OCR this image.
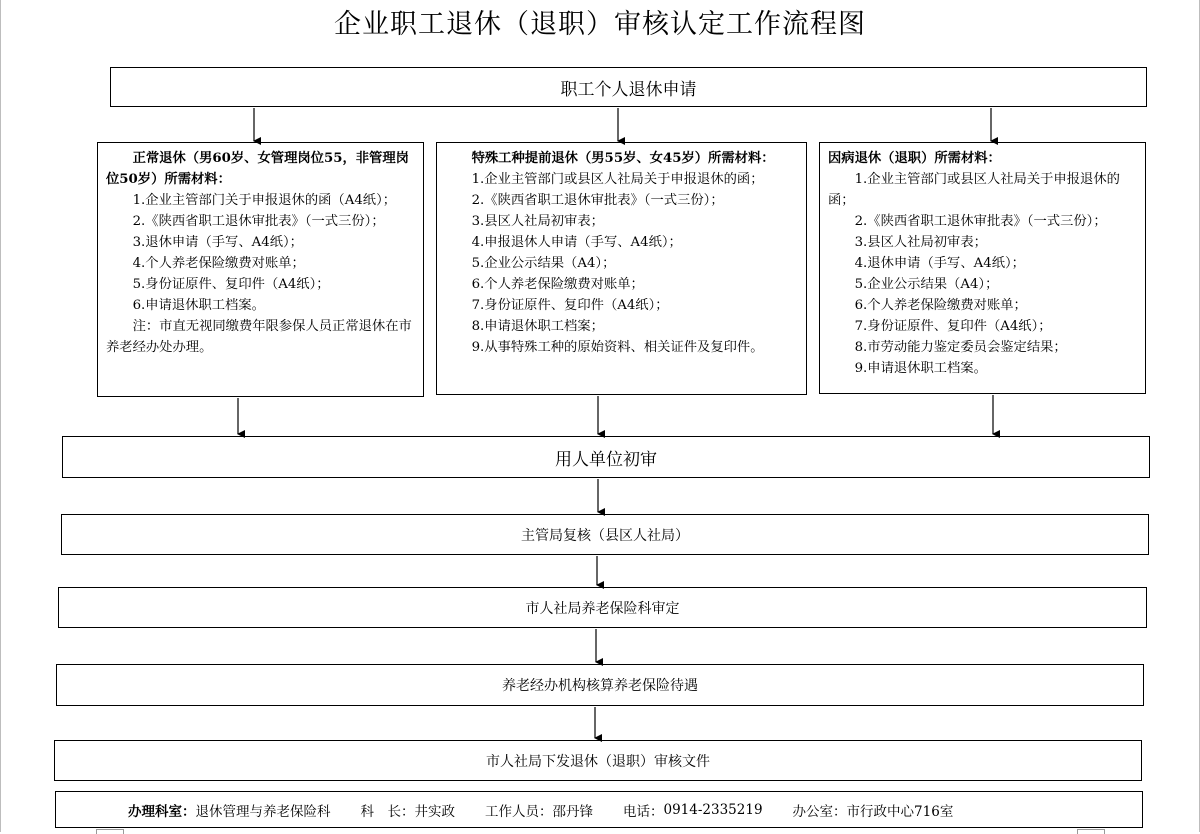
企业职工退休（退职）审核认定工作流程图
职工个人退休申请
正常退休（男60岁、女管理岗位55，非管理岗位50岁）所需材料：
1.企业主管部门关于申报退休的函（A4纸）；
2.《陕西省职工退休审批表》（一式三份）；
3.退休申请（手写、A4纸）；
4.个人养老保险缴费对账单；
5.身份证原件、复印件（A4纸）；
6.申请退休职工档案。
注：市直无视同缴费年限参保人员正常退休在市养老经办处办理。
特殊工种提前退休（男55岁、女45岁）所需材料：
1.企业主管部门或县区人社局关于申报退休的函；
2.《陕西省职工退休审批表》（一式三份）；
3.县区人社局初审表；
4.申报退休人申请（手写、A4纸）；
5.企业公示结果（A4）；
6.个人养老保险缴费对账单；
7.身份证原件、复印件（A4纸）；
8.申请退休职工档案；
9.从事特殊工种的原始资料、相关证件及复印件。
因病退休（退职）所需材料：
1.企业主管部门或县区人社局关于申报退休的函；
2.《陕西省职工退休审批表》（一式三份）；
3.县区人社局初审表；
4.退休申请（手写、A4纸）；
5.企业公示结果（A4）；
6.个人养老保险缴费对账单；
7.身份证原件、复印件（A4纸）；
8.市劳动能力鉴定委员会鉴定结果；
9.申请退休职工档案。
用人单位初审
主管局复核（县区人社局）
市人社局养老保险科审定
养老经办机构核算养老保险待遇
市人社局下发退休（退职）审核文件
办理科室： 退休管理与养老保险科 科　长： 井实政 工作人员： 邵丹锋 电话： 0914-2335219 办公室： 市行政中心716室
